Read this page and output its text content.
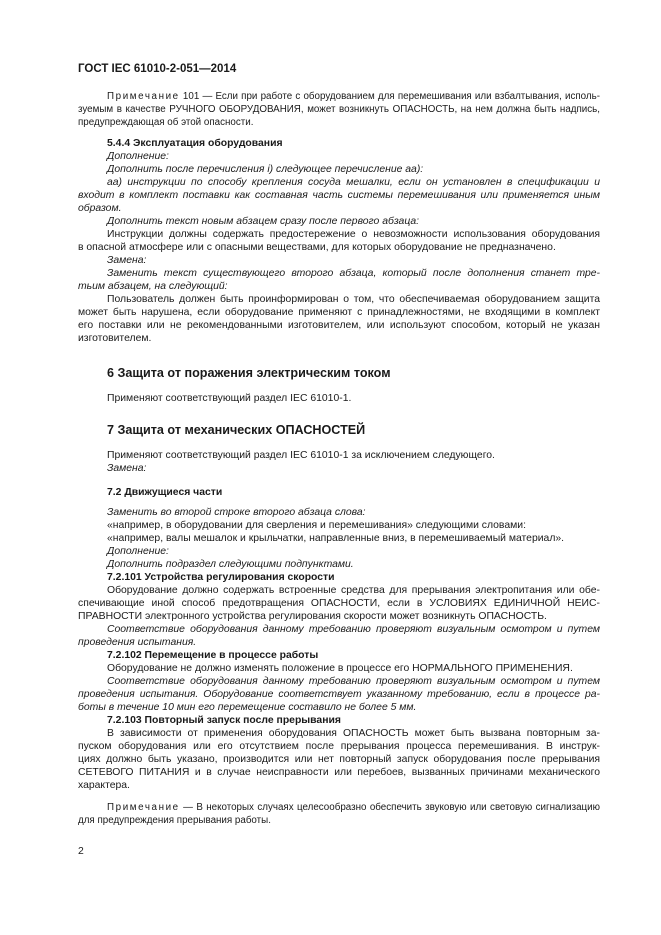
ГОСТ IEC 61010-2-051—2014
Примечание 101 — Если при работе с оборудованием для перемешивания или взбалтывания, исполь-
зуемым в качестве РУЧНОГО ОБОРУДОВАНИЯ, может возникнуть ОПАСНОСТЬ, на нем должна быть надпись,
предупреждающая об этой опасности.
5.4.4 Эксплуатация оборудования
Дополнение:
Дополнить после перечисления i) следующее перечисление аа):
аа) инструкции по способу крепления сосуда мешалки, если он установлен в спецификации и
входит в комплект поставки как составная часть системы перемешивания или применяется иным
образом.
Дополнить текст новым абзацем сразу после первого абзаца:
Инструкции должны содержать предостережение о невозможности использования оборудования
в опасной атмосфере или с опасными веществами, для которых оборудование не предназначено.
Замена:
Заменить текст существующего второго абзаца, который после дополнения станет тре-
тьим абзацем, на следующий:
Пользователь должен быть проинформирован о том, что обеспечиваемая оборудованием защита
может быть нарушена, если оборудование применяют с принадлежностями, не входящими в комплект
его поставки или не рекомендованными изготовителем, или используют способом, который не указан
изготовителем.
6 Защита от поражения электрическим током
Применяют соответствующий раздел IEC 61010-1.
7 Защита от механических ОПАСНОСТЕЙ
Применяют соответствующий раздел IEC 61010-1 за исключением следующего.
Замена:
7.2 Движущиеся части
Заменить во второй строке второго абзаца слова:
«например, в оборудовании для сверления и перемешивания» следующими словами:
«например, валы мешалок и крыльчатки, направленные вниз, в перемешиваемый материал».
Дополнение:
Дополнить подраздел следующими подпунктами.
7.2.101 Устройства регулирования скорости
Оборудование должно содержать встроенные средства для прерывания электропитания или обе-
спечивающие иной способ предотвращения ОПАСНОСТИ, если в УСЛОВИЯХ ЕДИНИЧНОЙ НЕИС-
ПРАВНОСТИ электронного устройства регулирования скорости может возникнуть ОПАСНОСТЬ.
Соответствие оборудования данному требованию проверяют визуальным осмотром и путем
проведения испытания.
7.2.102 Перемещение в процессе работы
Оборудование не должно изменять положение в процессе его НОРМАЛЬНОГО ПРИМЕНЕНИЯ.
Соответствие оборудования данному требованию проверяют визуальным осмотром и путем
проведения испытания. Оборудование соответствует указанному требованию, если в процессе ра-
боты в течение 10 мин его перемещение составило не более 5 мм.
7.2.103 Повторный запуск после прерывания
В зависимости от применения оборудования ОПАСНОСТЬ может быть вызвана повторным за-
пуском оборудования или его отсутствием после прерывания процесса перемешивания. В инструк-
циях должно быть указано, производится или нет повторный запуск оборудования после прерывания
СЕТЕВОГО ПИТАНИЯ и в случае неисправности или перебоев, вызванных причинами механического
характера.
Примечание — В некоторых случаях целесообразно обеспечить звуковую или световую сигнализацию
для предупреждения прерывания работы.
2
